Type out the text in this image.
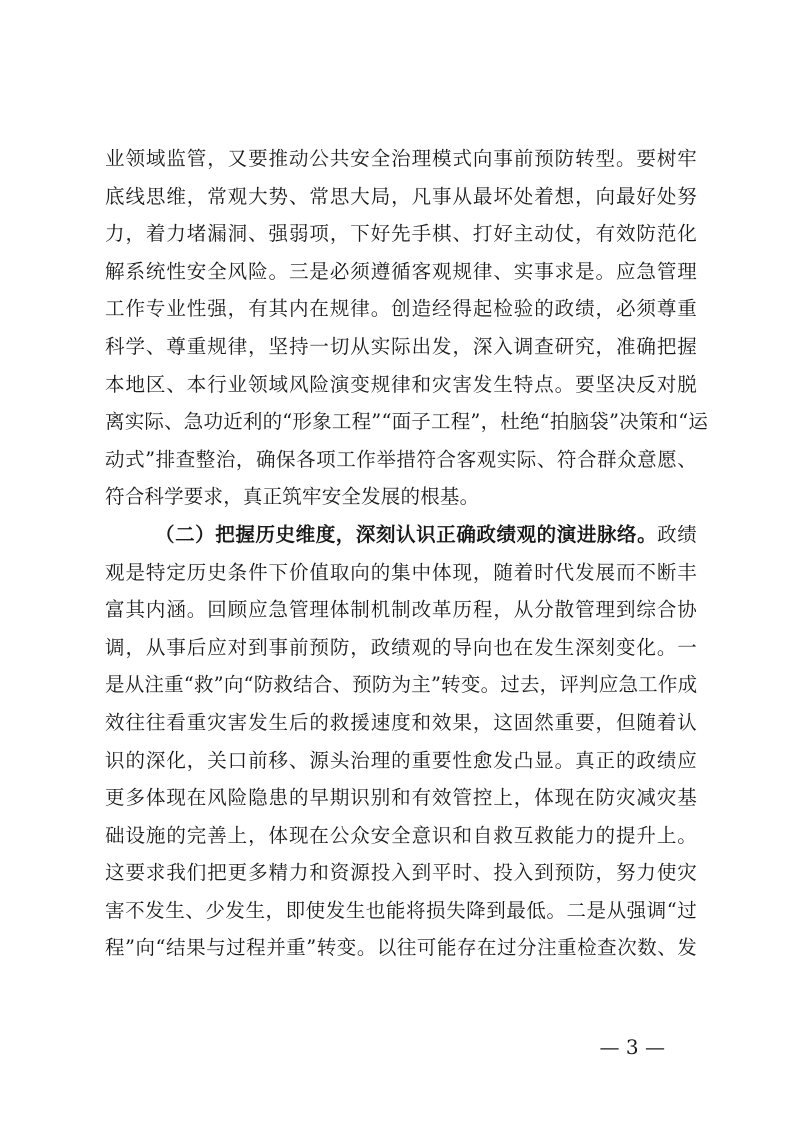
业领域监管，又要推动公共安全治理模式向事前预防转型。要树牢
底线思维，常观大势、常思大局，凡事从最坏处着想，向最好处努
力，着力堵漏洞、强弱项，下好先手棋、打好主动仗，有效防范化
解系统性安全风险。三是必须遵循客观规律、实事求是。应急管理
工作专业性强，有其内在规律。创造经得起检验的政绩，必须尊重
科学、尊重规律，坚持一切从实际出发，深入调查研究，准确把握
本地区、本行业领域风险演变规律和灾害发生特点。要坚决反对脱
离实际、急功近利的“形象工程”“面子工程”，杜绝“拍脑袋”决策和“运
动式”排查整治，确保各项工作举措符合客观实际、符合群众意愿、
符合科学要求，真正筑牢安全发展的根基。
（二）把握历史维度，深刻认识正确政绩观的演进脉络。政绩
观是特定历史条件下价值取向的集中体现，随着时代发展而不断丰
富其内涵。回顾应急管理体制机制改革历程，从分散管理到综合协
调，从事后应对到事前预防，政绩观的导向也在发生深刻变化。一
是从注重“救”向“防救结合、预防为主”转变。过去，评判应急工作成
效往往看重灾害发生后的救援速度和效果，这固然重要，但随着认
识的深化，关口前移、源头治理的重要性愈发凸显。真正的政绩应
更多体现在风险隐患的早期识别和有效管控上，体现在防灾减灾基
础设施的完善上，体现在公众安全意识和自救互救能力的提升上。
这要求我们把更多精力和资源投入到平时、投入到预防，努力使灾
害不发生、少发生，即使发生也能将损失降到最低。二是从强调“过
程”向“结果与过程并重”转变。以往可能存在过分注重检查次数、发
— 3 —
